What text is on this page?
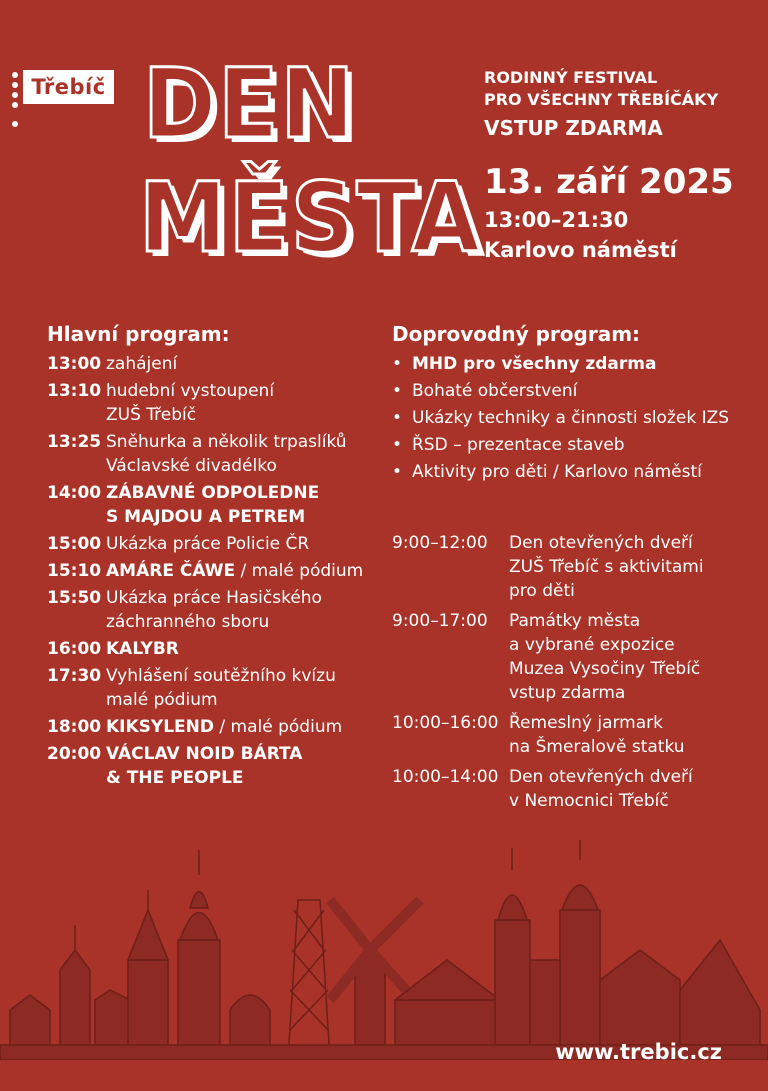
Třebíč DEN
MĚSTA
RODINNÝ FESTIVAL
PRO VŠECHNY TŘEBÍČÁKY
VSTUP ZDARMA
13. září 2025
13:00–21:30
Karlovo náměstí
Hlavní program:
13:00 zahájení
13:10 hudební vystoupení
ZUŠ Třebíč
13:25 Sněhurka a několik trpaslíků
Václavské divadélko
14:00 ZÁBAVNÉ ODPOLEDNE
S MAJDOU A PETREM
15:00 Ukázka práce Policie ČR
15:10 AMÁRE ČÁWE / malé pódium
15:50 Ukázka práce Hasičského
záchranného sboru
16:00 KALYBR
17:30 Vyhlášení soutěžního kvízu
malé pódium
18:00 KIKSYLEND / malé pódium
20:00 VÁCLAV NOID BÁRTA
& THE PEOPLE
Doprovodný program:
• MHD pro všechny zdarma
• Bohaté občerstvení
• Ukázky techniky a činnosti složek IZS
• ŘSD – prezentace staveb
• Aktivity pro děti / Karlovo náměstí
9:00–12:00	Den otevřených dveří
ZUŠ Třebíč s aktivitami
pro děti
9:00–17:00	Památky města
a vybrané expozice
Muzea Vysočiny Třebíč
vstup zdarma
10:00–16:00 Řemeslný jarmark
na Šmeralově statku
10:00–14:00 Den otevřených dveří
v Nemocnici Třebíč
www.trebic.cz
